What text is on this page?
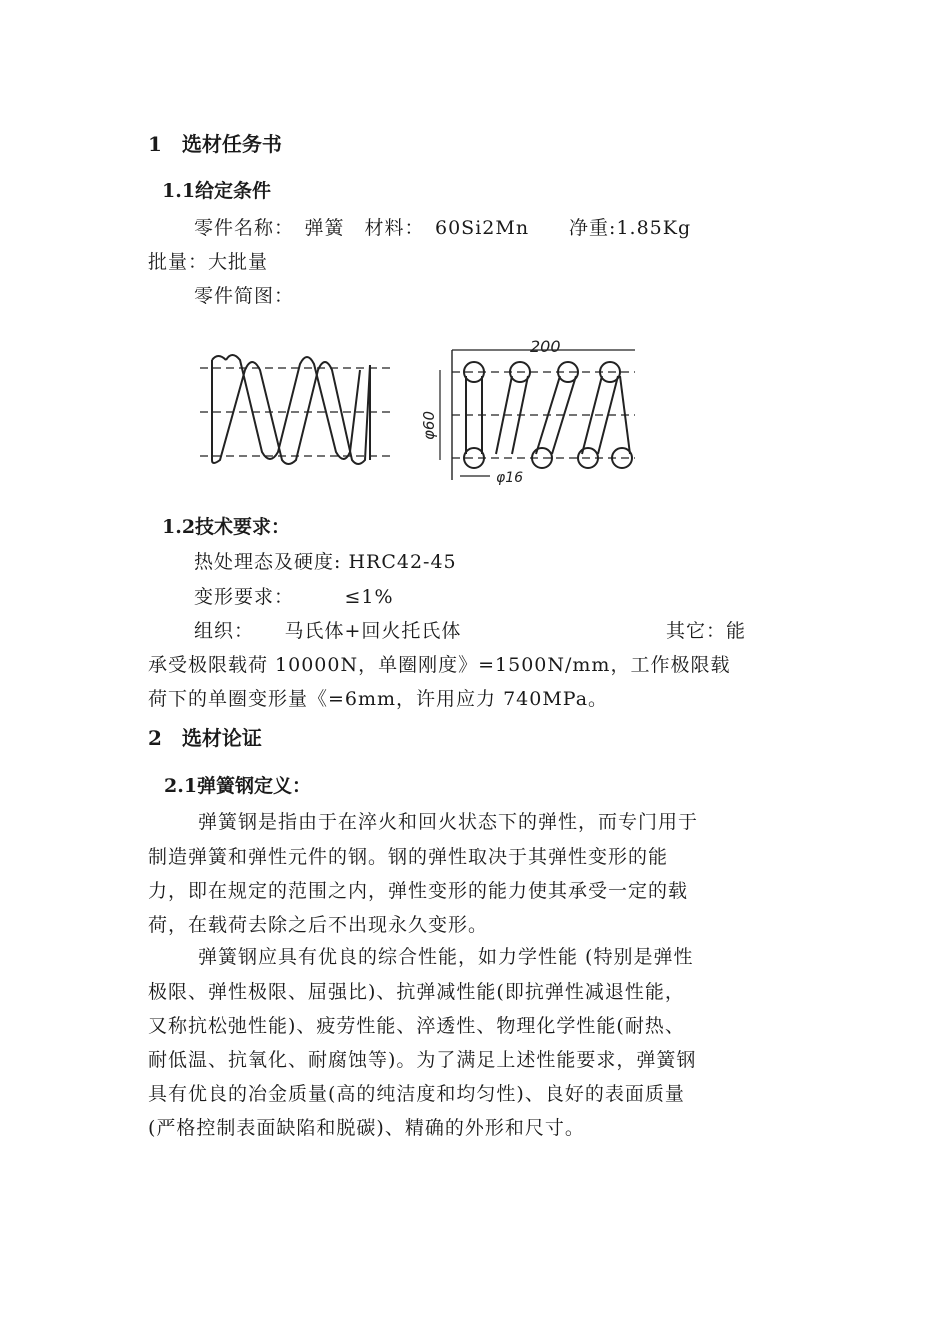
1　选材任务书
1.1给定条件
零件名称：　弹簧　材料：　60Si2Mn　　净重:1.85Kg
批量：大批量
零件简图：
200
φ60
φ16
1.2技术要求：
热处理态及硬度: HRC42-45
变形要求：　　　≤1%
组织：　　马氏体+回火托氏体	其它：能
承受极限载荷 10000N，单圈刚度》=1500N/mm，工作极限载
荷下的单圈变形量《=6mm，许用应力 740MPa。
2　选材论证
2.1弹簧钢定义：
弹簧钢是指由于在淬火和回火状态下的弹性，而专门用于
制造弹簧和弹性元件的钢。钢的弹性取决于其弹性变形的能
力，即在规定的范围之内，弹性变形的能力使其承受一定的载
荷，在载荷去除之后不出现永久变形。
弹簧钢应具有优良的综合性能，如力学性能 (特别是弹性
极限、弹性极限、屈强比)、抗弹减性能(即抗弹性减退性能，
又称抗松弛性能)、疲劳性能、淬透性、物理化学性能(耐热、
耐低温、抗氧化、耐腐蚀等)。为了满足上述性能要求，弹簧钢
具有优良的冶金质量(高的纯洁度和均匀性)、良好的表面质量
(严格控制表面缺陷和脱碳)、精确的外形和尺寸。
